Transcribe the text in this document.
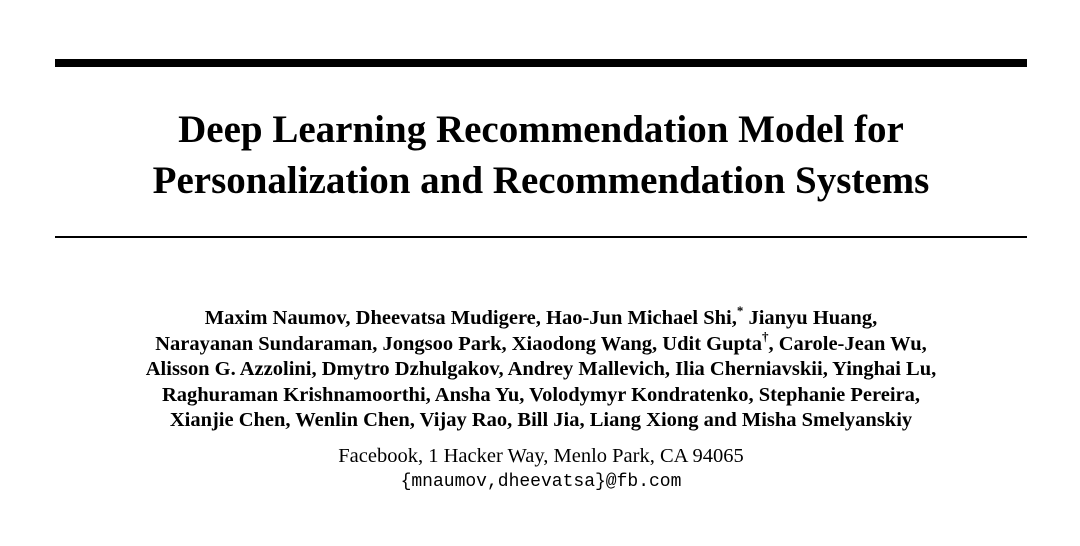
Deep Learning Recommendation Model for
Personalization and Recommendation Systems
Maxim Naumov, Dheevatsa Mudigere, Hao-Jun Michael Shi,* Jianyu Huang,
Narayanan Sundaraman, Jongsoo Park, Xiaodong Wang, Udit Gupta†, Carole-Jean Wu,
Alisson G. Azzolini, Dmytro Dzhulgakov, Andrey Mallevich, Ilia Cherniavskii, Yinghai Lu,
Raghuraman Krishnamoorthi, Ansha Yu, Volodymyr Kondratenko, Stephanie Pereira,
Xianjie Chen, Wenlin Chen, Vijay Rao, Bill Jia, Liang Xiong and Misha Smelyanskiy
Facebook, 1 Hacker Way, Menlo Park, CA 94065
{mnaumov,dheevatsa}@fb.com
